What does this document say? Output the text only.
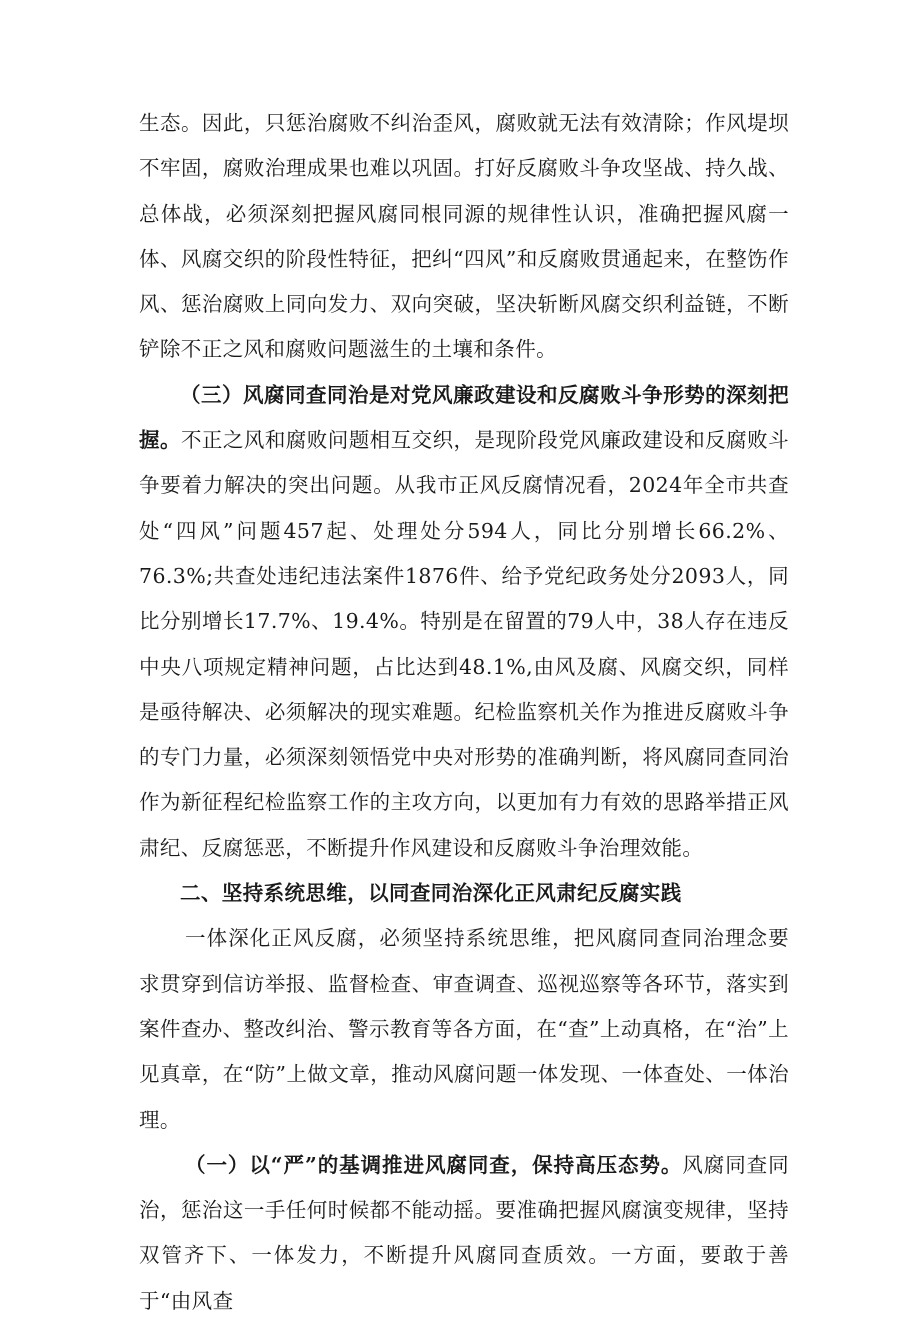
生态。因此，只惩治腐败不纠治歪风，腐败就无法有效清除；作风堤坝不牢固，腐败治理成果也难以巩固。打好反腐败斗争攻坚战、持久战、总体战，必须深刻把握风腐同根同源的规律性认识，准确把握风腐一体、风腐交织的阶段性特征，把纠“四风”和反腐败贯通起来，在整饬作风、惩治腐败上同向发力、双向突破，坚决斩断风腐交织利益链，不断铲除不正之风和腐败问题滋生的土壤和条件。

（三）风腐同查同治是对党风廉政建设和反腐败斗争形势的深刻把握。不正之风和腐败问题相互交织，是现阶段党风廉政建设和反腐败斗争要着力解决的突出问题。从我市正风反腐情况看，2024年全市共查处“四风”问题457起、处理处分594人，同比分别增长66.2%、76.3%;共查处违纪违法案件1876件、给予党纪政务处分2093人，同比分别增长17.7%、19.4%。特别是在留置的79人中，38人存在违反中央八项规定精神问题，占比达到48.1%,由风及腐、风腐交织，同样是亟待解决、必须解决的现实难题。纪检监察机关作为推进反腐败斗争的专门力量，必须深刻领悟党中央对形势的准确判断，将风腐同查同治作为新征程纪检监察工作的主攻方向，以更加有力有效的思路举措正风肃纪、反腐惩恶，不断提升作风建设和反腐败斗争治理效能。

二、坚持系统思维，以同查同治深化正风肃纪反腐实践

一体深化正风反腐，必须坚持系统思维，把风腐同查同治理念要求贯穿到信访举报、监督检查、审查调查、巡视巡察等各环节，落实到案件查办、整改纠治、警示教育等各方面，在“查”上动真格，在“治”上见真章，在“防”上做文章，推动风腐问题一体发现、一体查处、一体治理。

（一）以“严”的基调推进风腐同查，保持高压态势。风腐同查同治，惩治这一手任何时候都不能动摇。要准确把握风腐演变规律，坚持双管齐下、一体发力，不断提升风腐同查质效。一方面，要敢于善于“由风查
